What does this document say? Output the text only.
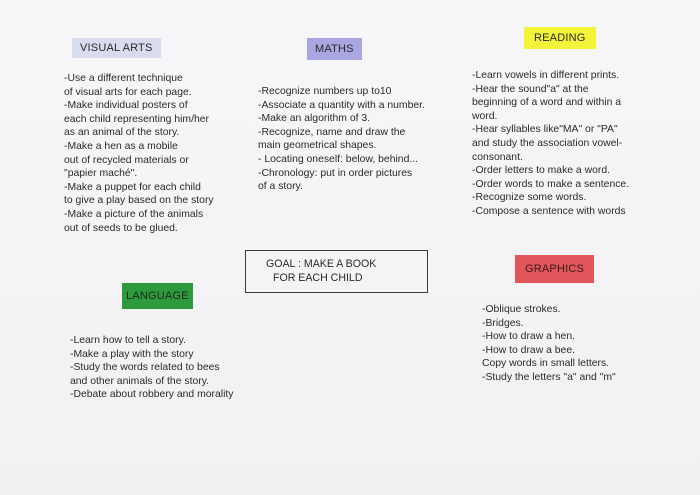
VISUAL ARTS
-Use a different technique
of visual arts for each page.
-Make individual posters of
each child representing him/her
as an animal of the story.
-Make a hen as a mobile
out of recycled materials or
"papier maché".
-Make a puppet for each child
to give a play based on the story
-Make a picture of the animals
out of seeds to be glued.
MATHS
-Recognize numbers up to10
-Associate a quantity with a number.
-Make an algorithm of 3.
-Recognize, name and draw the
main geometrical shapes.
- Locating oneself: below, behind...
-Chronology: put in order pictures
of a story.
READING
-Learn vowels in different prints.
-Hear the sound"a" at the
beginning of a word and within a
word.
-Hear syllables like"MA" or "PA"
and study the association vowel-
consonant.
-Order letters to make a word.
-Order words to make a sentence.
-Recognize some words.
-Compose a sentence with words
GOAL : MAKE A BOOK
FOR EACH CHILD
LANGUAGE
-Learn how to tell a story.
-Make a play with the story
-Study the words related to bees
and other animals of the story.
-Debate about robbery and morality
GRAPHICS
-Oblique strokes.
-Bridges.
-How to draw a hen.
-How to draw a bee.
Copy words in small letters.
-Study the letters "a" and "m"
